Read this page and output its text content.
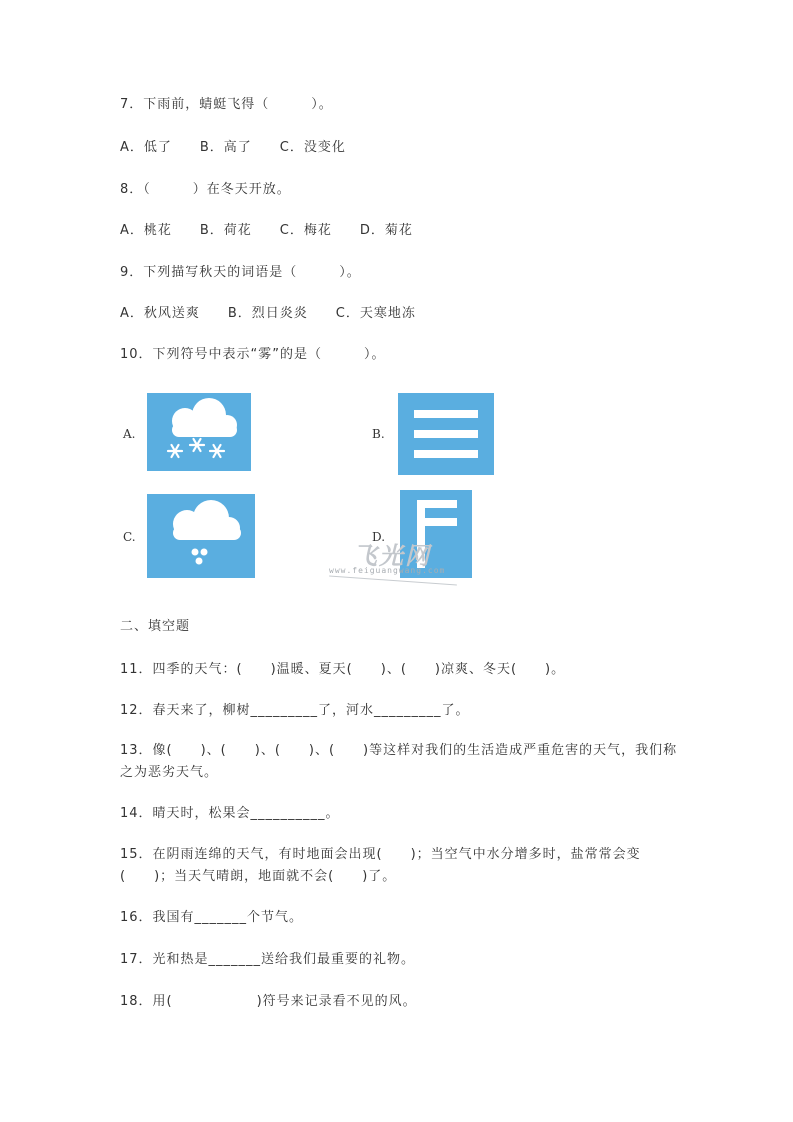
7．下雨前，蜻蜓飞得（　　　）。
A．低了　　B．高了　　C．没变化
8．（　　　）在冬天开放。
A．桃花　　B．荷花　　C．梅花　　D．菊花
9．下列描写秋天的词语是（　　　）。
A．秋风送爽　　B．烈日炎炎　　C．天寒地冻
10．下列符号中表示“雾”的是（　　　）。
A.	B.
C.	D.
飞光网
www.feiguangwang.com
二、填空题
11．四季的天气：(　　)温暖、夏天(　　)、(　　)凉爽、冬天(　　)。
12．春天来了，柳树_________了，河水_________了。
13．像(　　)、(　　)、(　　)、(　　)等这样对我们的生活造成严重危害的天气，我们称之为恶劣天气。
14．晴天时，松果会__________。
15．在阴雨连绵的天气，有时地面会出现(　　)；当空气中水分增多时，盐常常会变(　　)；当天气晴朗，地面就不会(　　)了。
16．我国有_______个节气。
17．光和热是_______送给我们最重要的礼物。
18．用(　　　　　　)符号来记录看不见的风。
